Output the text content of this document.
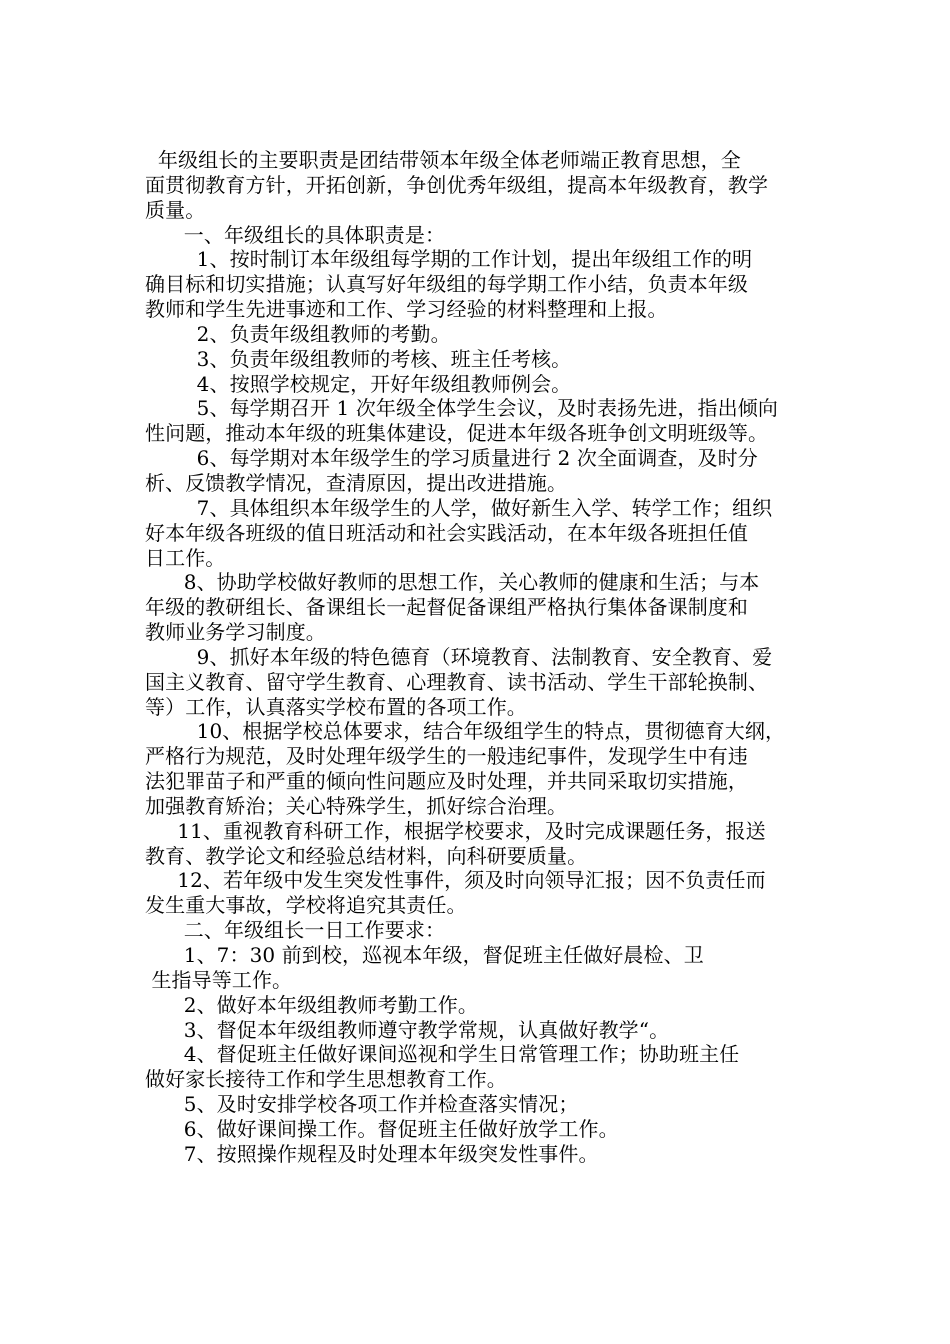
年级组长的主要职责是团结带领本年级全体老师端正教育思想，全
面贯彻教育方针，开拓创新，争创优秀年级组，提高本年级教育，教学
质量。
一、年级组长的具体职责是：
1、按时制订本年级组每学期的工作计划，提出年级组工作的明
确目标和切实措施；认真写好年级组的每学期工作小结，负责本年级
教师和学生先进事迹和工作、学习经验的材料整理和上报。
2、负责年级组教师的考勤。
3、负责年级组教师的考核、班主任考核。
4、按照学校规定，开好年级组教师例会。
5、每学期召开 1 次年级全体学生会议，及时表扬先进，指出倾向
性问题，推动本年级的班集体建设，促进本年级各班争创文明班级等。
6、每学期对本年级学生的学习质量进行 2 次全面调查，及时分
析、反馈教学情况，查清原因，提出改进措施。
7、具体组织本年级学生的人学，做好新生入学、转学工作；组织
好本年级各班级的值日班活动和社会实践活动，在本年级各班担任值
日工作。
8、协助学校做好教师的思想工作，关心教师的健康和生活；与本
年级的教研组长、备课组长一起督促备课组严格执行集体备课制度和
教师业务学习制度。
9、抓好本年级的特色德育（环境教育、法制教育、安全教育、爱
国主义教育、留守学生教育、心理教育、读书活动、学生干部轮换制、
等）工作，认真落实学校布置的各项工作。
10、根据学校总体要求，结合年级组学生的特点，贯彻德育大纲，
严格行为规范，及时处理年级学生的一般违纪事件，发现学生中有违
法犯罪苗子和严重的倾向性问题应及时处理，并共同采取切实措施，
加强教育矫治；关心特殊学生，抓好综合治理。
11、重视教育科研工作，根据学校要求，及时完成课题任务，报送
教育、教学论文和经验总结材料，向科研要质量。
12、若年级中发生突发性事件，须及时向领导汇报；因不负责任而
发生重大事故，学校将追究其责任。
二、年级组长一日工作要求：
1、7：30 前到校，巡视本年级，督促班主任做好晨检、卫
生指导等工作。
2、做好本年级组教师考勤工作。
3、督促本年级组教师遵守教学常规，认真做好教学“。
4、督促班主任做好课间巡视和学生日常管理工作；协助班主任
做好家长接待工作和学生思想教育工作。
5、及时安排学校各项工作并检查落实情况；
6、做好课间操工作。督促班主任做好放学工作。
7、按照操作规程及时处理本年级突发性事件。
